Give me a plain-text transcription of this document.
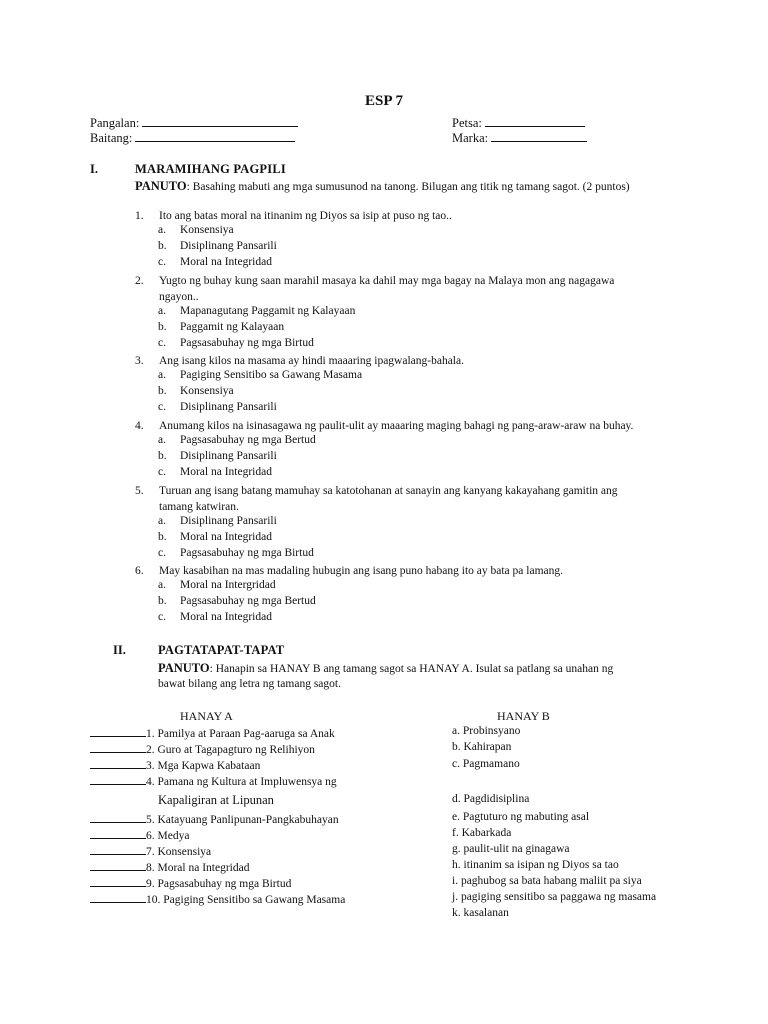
ESP 7
Pangalan:
Baitang:
Petsa:
Marka:
I.	MARAMIHANG PAGPILI
PANUTO: Basahing mabuti ang mga sumusunod na tanong. Bilugan ang titik ng tamang sagot. (2 puntos)
1. Ito ang batas moral na itinanim ng Diyos sa isip at puso ng tao..
a. Konsensiya
b. Disiplinang Pansarili
c. Moral na Integridad
2. Yugto ng buhay kung saan marahil masaya ka dahil may mga bagay na Malaya mon ang nagagawa
ngayon..
a. Mapanagutang Paggamit ng Kalayaan
b. Paggamit ng Kalayaan
c. Pagsasabuhay ng mga Birtud
3. Ang isang kilos na masama ay hindi maaaring ipagwalang-bahala.
a. Pagiging Sensitibo sa Gawang Masama
b. Konsensiya
c. Disiplinang Pansarili
4. Anumang kilos na isinasagawa ng paulit-ulit ay maaaring maging bahagi ng pang-araw-araw na buhay.
a. Pagsasabuhay ng mga Bertud
b. Disiplinang Pansarili
c. Moral na Integridad
5. Turuan ang isang batang mamuhay sa katotohanan at sanayin ang kanyang kakayahang gamitin ang
tamang katwiran.
a. Disiplinang Pansarili
b. Moral na Integridad
c. Pagsasabuhay ng mga Birtud
6. May kasabihan na mas madaling hubugin ang isang puno habang ito ay bata pa lamang.
a. Moral na Intergridad
b. Pagsasabuhay ng mga Bertud
c. Moral na Integridad
II.	PAGTATAPAT-TAPAT
PANUTO: Hanapin sa HANAY B ang tamang sagot sa HANAY A. Isulat sa patlang sa unahan ng
bawat bilang ang letra ng tamang sagot.
HANAY A	HANAY B
1. Pamilya at Paraan Pag-aaruga sa Anak
2. Guro at Tagapagturo ng Relihiyon
3. Mga Kapwa Kabataan
4. Pamana ng Kultura at Impluwensya ng
Kapaligiran at Lipunan
5. Katayuang Panlipunan-Pangkabuhayan
6. Medya
7. Konsensiya
8. Moral na Integridad
9. Pagsasabuhay ng mga Birtud
10. Pagiging Sensitibo sa Gawang Masama
a. Probinsyano
b. Kahirapan
c. Pagmamano
d. Pagdidisiplina
e. Pagtuturo ng mabuting asal
f. Kabarkada
g. paulit-ulit na ginagawa
h. itinanim sa isipan ng Diyos sa tao
i. paghubog sa bata habang maliit pa siya
j. pagiging sensitibo sa paggawa ng masama
k. kasalanan
